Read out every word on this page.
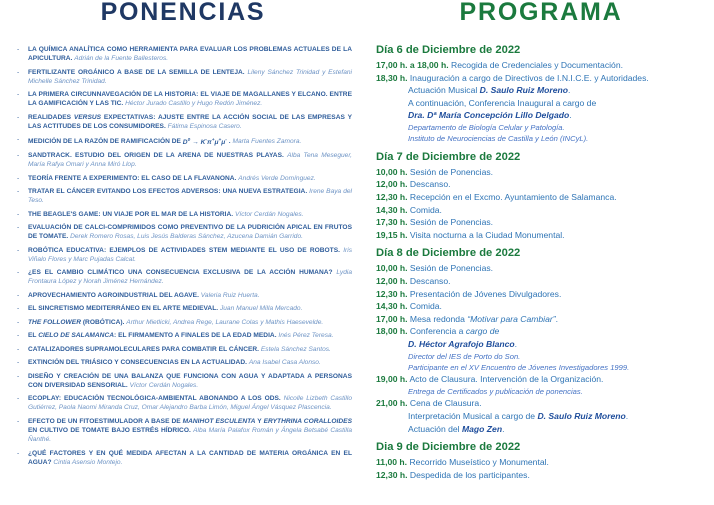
PONENCIAS
- LA QUÍMICA ANALÍTICA COMO HERRAMIENTA PARA EVALUAR LOS PROBLEMAS ACTUALES DE LA APICULTURA. Adrián de la Fuente Ballesteros.
- FERTILIZANTE ORGÁNICO A BASE DE LA SEMILLA DE LENTEJA. Lileny Sánchez Trinidad y Estefani Michelle Sánchez Trinidad.
- LA PRIMERA CIRCUNNAVEGACIÓN DE LA HISTORIA: EL VIAJE DE MAGALLANES Y ELCANO. ENTRE LA GAMIFICACIÓN Y LAS TIC. Héctor Jurado Castillo y Hugo Redón Jiménez.
- REALIDADES VERSUS EXPECTATIVAS: AJUSTE ENTRE LA ACCIÓN SOCIAL DE LAS EMPRESAS Y LAS ACTITUDES DE LOS CONSUMIDORES. Fátima Espinosa Casero.
- MEDICIÓN DE LA RAZÓN DE RAMIFICACIÓN DE $D^0 \to K^-\pi^+\mu^+\mu^-$ . Marta Fuentes Zamora.
- SANDTRACK. ESTUDIO DEL ORIGEN DE LA ARENA DE NUESTRAS PLAYAS. Alba Tena Meseguer, María Rafya Omari y Anna Miró Llop.
- TEORÍA FRENTE A EXPERIMENTO: EL CASO DE LA FLAVANONA. Andrés Verde Domínguez.
- TRATAR EL CÁNCER EVITANDO LOS EFECTOS ADVERSOS: UNA NUEVA ESTRATEGIA. Irene Baya del Teso.
- THE BEAGLE'S GAME: UN VIAJE POR EL MAR DE LA HISTORIA. Víctor Cerdán Nogales.
- EVALUACIÓN DE CALCI-COMPRIMIDOS COMO PREVENTIVO DE LA PUDRICIÓN APICAL EN FRUTOS DE TOMATE. Derek Romero Rosas, Luis Jesús Balderas Sánchez, Azucena Damián Garrido.
- ROBÓTICA EDUCATIVA: EJEMPLOS DE ACTIVIDADES STEM MEDIANTE EL USO DE ROBOTS. Iris Viñalo Flores y Marc Pujadas Calcat.
- ¿ES EL CAMBIO CLIMÁTICO UNA CONSECUENCIA EXCLUSIVA DE LA ACCIÓN HUMANA? Lydia Frontaura López y Norah Jiménez Hernández.
- APROVECHAMIENTO AGROINDUSTRIAL DEL AGAVE. Valeria Ruiz Huerta.
- EL SINCRETISMO MEDITERRÁNEO EN EL ARTE MEDIEVAL. Juan Manuel Milla Mercado.
- THE FOLLOWER (ROBÓTICA). Arthur Mietlicki, Andrea Rege, Laurane Colas y Mathis Haesevelde.
- EL CIELO DE SALAMANCA: EL FIRMAMENTO A FINALES DE LA EDAD MEDIA. Inés Pérez Teresa.
- CATALIZADORES SUPRAMOLECULARES PARA COMBATIR EL CÁNCER. Estela Sánchez Santos.
- EXTINCIÓN DEL TRIÁSICO Y CONSECUENCIAS EN LA ACTUALIDAD. Ana Isabel Casa Alonso.
- DISEÑO Y CREACIÓN DE UNA BALANZA QUE FUNCIONA CON AGUA Y ADAPTADA A PERSONAS CON DIVERSIDAD SENSORIAL. Víctor Cerdán Nogales.
- ECOPLAY: EDUCACIÓN TECNOLÓGICA-AMBIENTAL ABONANDO A LOS ODS. Nicolle Lizbeth Castillo Gutiérrez, Paola Naomi Miranda Cruz, Omar Alejandro Barba Limón, Miguel Ángel Vásquez Plascencia.
- EFECTO DE UN FITOESTIMULADOR A BASE DE MANIHOT ESCULENTA Y ERYTHRINA CORALLOIDES EN CULTIVO DE TOMATE BAJO ESTRÉS HÍDRICO. Alba María Palafox Román y Ángela Betsabé Castilla Ñanthé.
- ¿QUÉ FACTORES Y EN QUÉ MEDIDA AFECTAN A LA CANTIDAD DE MATERIA ORGÁNICA EN EL AGUA? Cintia Asensio Montejo.
PROGRAMA
Día 6 de Diciembre de 2022
17,00 h. a 18,00 h. Recogida de Credenciales y Documentación.
18,30 h. Inauguración a cargo de Directivos de I.N.I.C.E. y Autoridades.
Actuación Musical D. Saulo Ruiz Moreno.
A continuación, Conferencia Inaugural a cargo de
Dra. Dª María Concepción Lillo Delgado.
Departamento de Biología Celular y Patología.
Instituto de Neurociencias de Castilla y León (INCyL).
Día 7 de Diciembre de 2022
10,00 h. Sesión de Ponencias.
12,00 h. Descanso.
12,30 h. Recepción en el Excmo. Ayuntamiento de Salamanca.
14,30 h. Comida.
17,30 h. Sesión de Ponencias.
19,15 h. Visita nocturna a la Ciudad Monumental.
Día 8 de Diciembre de 2022
10,00 h. Sesión de Ponencias.
12,00 h. Descanso.
12,30 h. Presentación de Jóvenes Divulgadores.
14,30 h. Comida.
17,00 h. Mesa redonda “Motivar para Cambiar”.
18,00 h. Conferencia a cargo de
D. Héctor Agrafojo Blanco.
Director del IES de Porto do Son.
Participante en el XV Encuentro de Jóvenes Investigadores 1999.
19,00 h. Acto de Clausura. Intervención de la Organización.
Entrega de Certificados y publicación de ponencias.
21,00 h. Cena de Clausura.
Interpretación Musical a cargo de D. Saulo Ruiz Moreno.
Actuación del Mago Zen.
Dia 9 de Diciembre de 2022
11,00 h. Recorrido Museístico y Monumental.
12,30 h. Despedida de los participantes.
